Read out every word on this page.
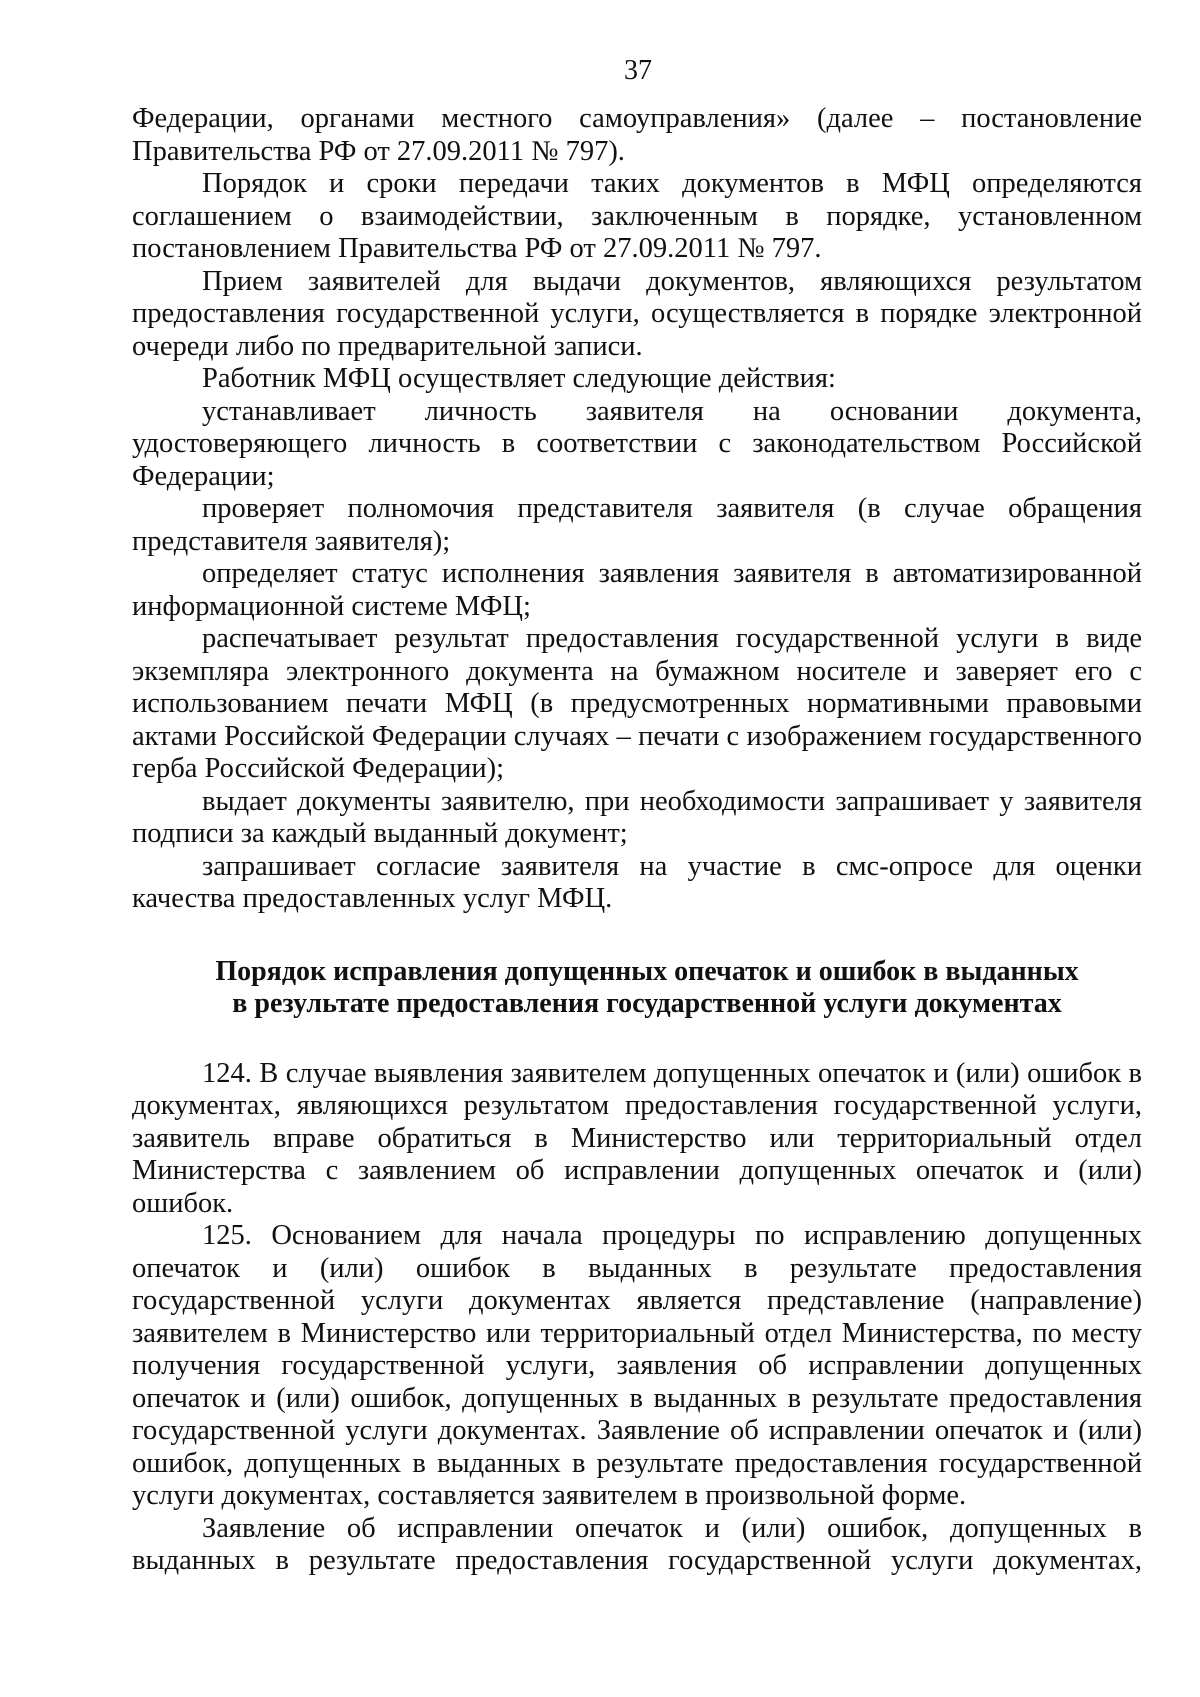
37

Федерации, органами местного самоуправления» (далее – постановление Правительства РФ от 27.09.2011 № 797).

Порядок и сроки передачи таких документов в МФЦ определяются соглашением о взаимодействии, заключенным в порядке, установленном постановлением Правительства РФ от 27.09.2011 № 797.

Прием заявителей для выдачи документов, являющихся результатом предоставления государственной услуги, осуществляется в порядке электронной очереди либо по предварительной записи.

Работник МФЦ осуществляет следующие действия:

устанавливает личность заявителя на основании документа, удостоверяющего личность в соответствии с законодательством Российской Федерации;

проверяет полномочия представителя заявителя (в случае обращения представителя заявителя);

определяет статус исполнения заявления заявителя в автоматизированной информационной системе МФЦ;

распечатывает результат предоставления государственной услуги в виде экземпляра электронного документа на бумажном носителе и заверяет его с использованием печати МФЦ (в предусмотренных нормативными правовыми актами Российской Федерации случаях – печати с изображением государственного герба Российской Федерации);

выдает документы заявителю, при необходимости запрашивает у заявителя подписи за каждый выданный документ;

запрашивает согласие заявителя на участие в смс-опросе для оценки качества предоставленных услуг МФЦ.

Порядок исправления допущенных опечаток и ошибок в выданных
в результате предоставления государственной услуги документах

124. В случае выявления заявителем допущенных опечаток и (или) ошибок в документах, являющихся результатом предоставления государственной услуги, заявитель вправе обратиться в Министерство или территориальный отдел Министерства с заявлением об исправлении допущенных опечаток и (или) ошибок.

125. Основанием для начала процедуры по исправлению допущенных опечаток и (или) ошибок в выданных в результате предоставления государственной услуги документах является представление (направление) заявителем в Министерство или территориальный отдел Министерства, по месту получения государственной услуги, заявления об исправлении допущенных опечаток и (или) ошибок, допущенных в выданных в результате предоставления государственной услуги документах. Заявление об исправлении опечаток и (или) ошибок, допущенных в выданных в результате предоставления государственной услуги документах, составляется заявителем в произвольной форме.

Заявление об исправлении опечаток и (или) ошибок, допущенных в выданных в результате предоставления государственной услуги документах,
